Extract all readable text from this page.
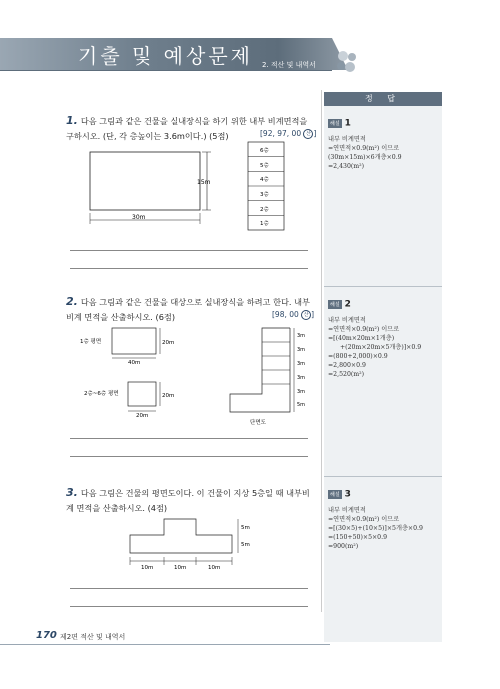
기출 및 예상문제 2. 적산 및 내역서
정 답
해설 1
내부 비계면적
=연면적×0.9(m²) 이므로
(30m×15m)×6개층×0.9
=2,430(m²)
해설 2
내부 비계면적
=연면적×0.9(m²) 이므로
=[(40m×20m×1개층)
+(20m×20m×5개층)]×0.9
=(800+2,000)×0.9
=2,800×0.9
=2,520(m²)
해설 3
내부 비계면적
=연면적×0.9(m²) 이므로
=[(30×5)+(10×5)]×5개층×0.9
=(150+50)×5×0.9
=900(m²)
1. 다음 그림과 같은 건물을 실내장식을 하기 위한 내부 비계면적을 구하시오. (단, 각 층높이는 3.6m이다.) (5점)	[92, 97, 00 산 ]
30m
15m
6층
5층
4층
3층
2층
1층
2. 다음 그림과 같은 건물을 대상으로 실내장식을 하려고 한다. 내부비계 면적을 산출하시오. (6점)	[98, 00 산 ]
1층 평면
40m
20m
2층~6층 평면
20m
20m
3m
3m
3m
3m
3m
5m
단면도
3. 다음 그림은 건물의 평면도이다. 이 건물이 지상 5층일 때 내부비계 면적을 산출하시오. (4점)
10m	10m	10m
5m
5m
170 제2편 적산 및 내역서
